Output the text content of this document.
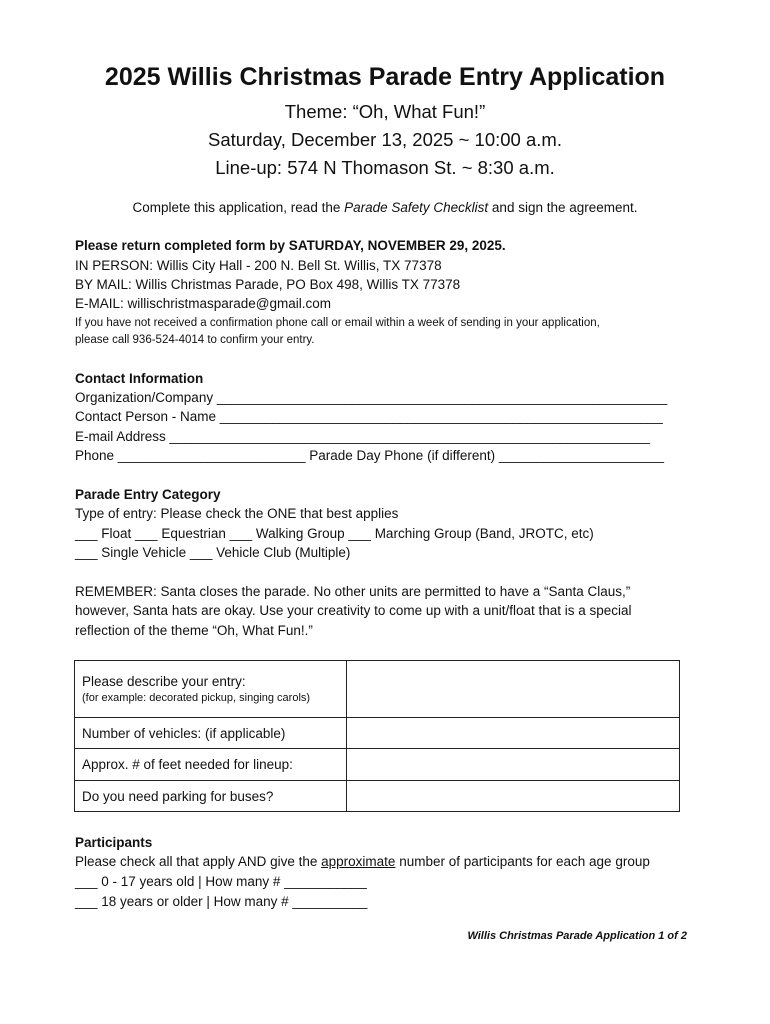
2025 Willis Christmas Parade Entry Application
Theme: “Oh, What Fun!”
Saturday, December 13, 2025 ~ 10:00 a.m.
Line-up: 574 N Thomason St. ~ 8:30 a.m.
Complete this application, read the Parade Safety Checklist and sign the agreement.
Please return completed form by SATURDAY, NOVEMBER 29, 2025.
IN PERSON: Willis City Hall - 200 N. Bell St. Willis, TX 77378
BY MAIL: Willis Christmas Parade, PO Box 498, Willis TX 77378
E-MAIL: willischristmasparade@gmail.com
If you have not received a confirmation phone call or email within a week of sending in your application,
please call 936-524-4014 to confirm your entry.
Contact Information
Organization/Company ____________________________________________________________
Contact Person - Name ___________________________________________________________
E-mail Address ________________________________________________________________
Phone _________________________ Parade Day Phone (if different) ______________________
Parade Entry Category
Type of entry: Please check the ONE that best applies
___ Float ___ Equestrian ___ Walking Group ___ Marching Group (Band, JROTC, etc)
___ Single Vehicle ___ Vehicle Club (Multiple)
REMEMBER: Santa closes the parade. No other units are permitted to have a “Santa Claus,”
however, Santa hats are okay. Use your creativity to come up with a unit/float that is a special
reflection of the theme “Oh, What Fun!.”
Please describe your entry:
(for example: decorated pickup, singing carols)	

Number of vehicles: (if applicable)	
Approx. # of feet needed for lineup:	
Do you need parking for buses?	
Participants
Please check all that apply AND give the approximate number of participants for each age group
___ 0 - 17 years old | How many # ___________
___ 18 years or older | How many # __________
Willis Christmas Parade Application 1 of 2
